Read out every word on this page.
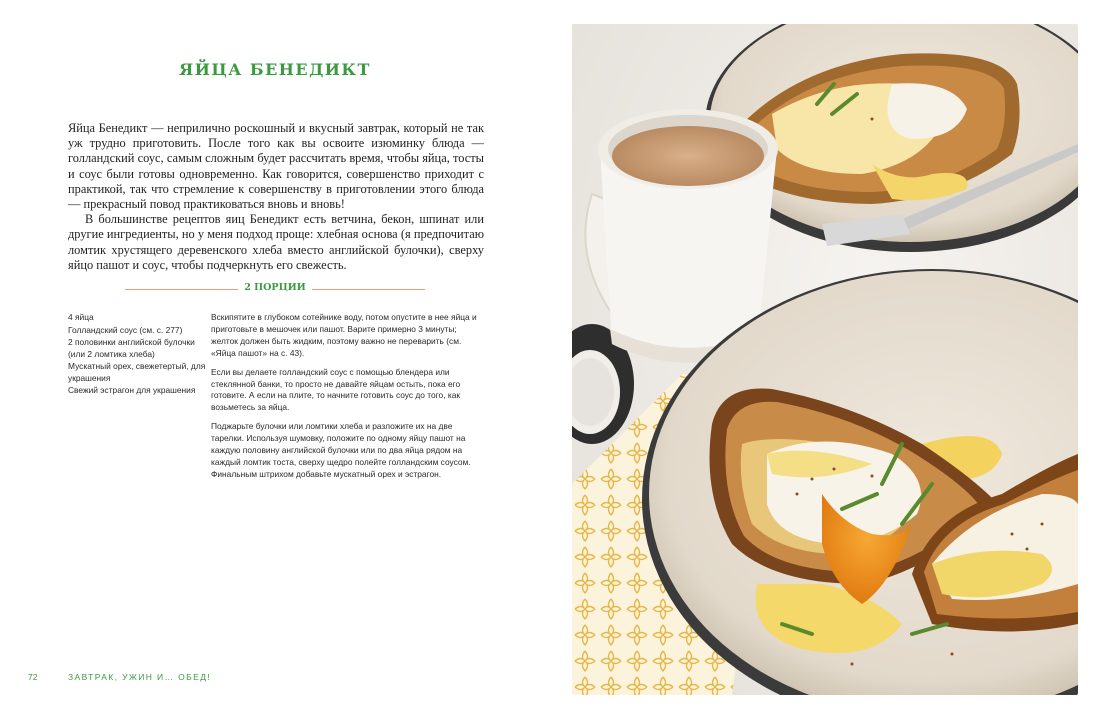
ЯЙЦА БЕНЕДИКТ

Яйца Бенедикт — неприлично роскошный и вкусный завтрак, который не так уж трудно приготовить. После того как вы освоите изюминку блюда — голландский соус, самым сложным будет рассчитать время, чтобы яйца, тосты и соус были готовы одновременно. Как говорится, совершенство приходит с практикой, так что стремление к совершенству в приготовлении этого блюда — прекрасный повод практиковаться вновь и вновь!

В большинстве рецептов яиц Бенедикт есть ветчина, бекон, шпинат или другие ингредиенты, но у меня подход проще: хлебная основа (я предпочитаю ломтик хрустящего деревенского хлеба вместо английской булочки), сверху яйцо пашот и соус, чтобы подчеркнуть его свежесть.

2 ПОРЦИИ
4 яйца
Голландский соус (см. с. 277)
2 половинки английской булочки (или 2 ломтика хлеба)
Мускатный орех, свежетертый, для украшения
Свежий эстрагон для украшения

Вскипятите в глубоком сотейнике воду, потом опустите в нее яйца и приготовьте в мешочек или пашот. Варите примерно 3 минуты; желток должен быть жидким, поэтому важно не переварить (см. «Яйца пашот» на с. 43).

Если вы делаете голландский соус с помощью блендера или стеклянной банки, то просто не давайте яйцам остыть, пока его готовите. А если на плите, то начните готовить соус до того, как возьметесь за яйца.

Поджарьте булочки или ломтики хлеба и разложите их на две тарелки. Используя шумовку, положите по одному яйцу пашот на каждую половину английской булочки или по два яйца рядом на каждый ломтик тоста, сверху щедро полейте голландским соусом. Финальным штрихом добавьте мускатный орех и эстрагон.

72	ЗАВТРАК, УЖИН И… ОБЕД!
